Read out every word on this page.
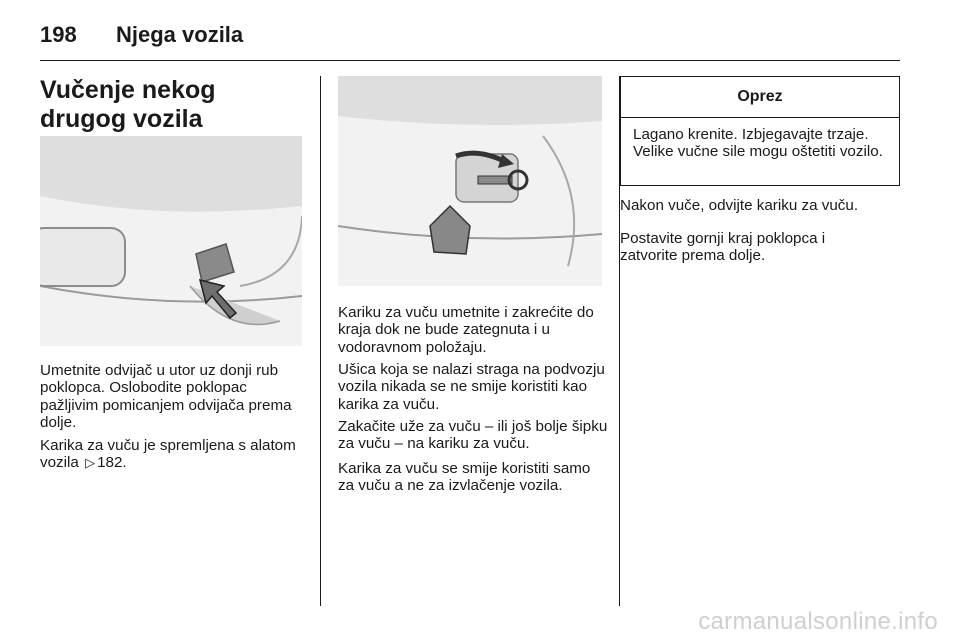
198 Njega vozila
Vučenje nekog drugog vozila

Umetnite odvijač u utor uz donji rub poklopca. Oslobodite poklopac pažljivim pomicanjem odvijača prema dolje.

Karika za vuču je spremljena s alatom vozila ▷ 182.

Kariku za vuču umetnite i zakrećite do kraja dok ne bude zategnuta i u vodoravnom položaju.

Ušica koja se nalazi straga na podvozju vozila nikada se ne smije koristiti kao karika za vuču.

Zakačite uže za vuču – ili još bolje šipku za vuču – na kariku za vuču.

Karika za vuču se smije koristiti samo za vuču a ne za izvlačenje vozila.

Oprez
Lagano krenite. Izbjegavajte trzaje. Velike vučne sile mogu oštetiti vozilo.

Nakon vuče, odvijte kariku za vuču.

Postavite gornji kraj poklopca i zatvorite prema dolje.

carmanualsonline.info
